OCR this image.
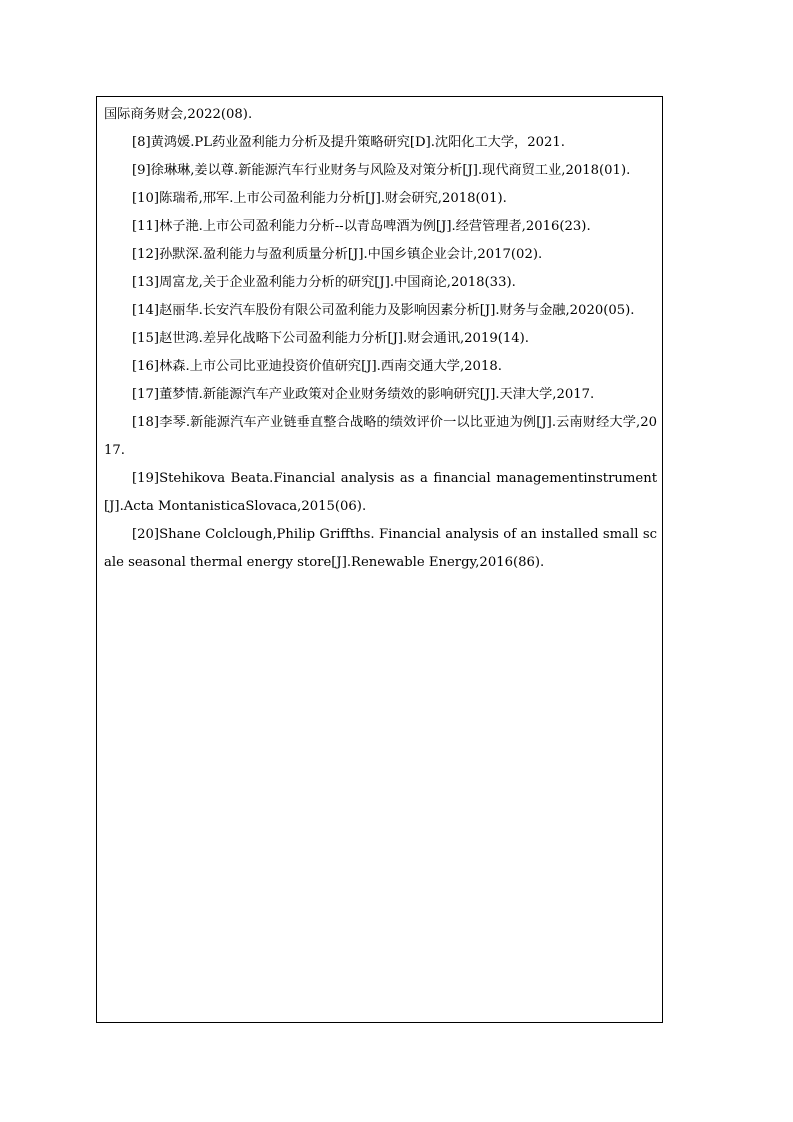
国际商务财会,2022(08).
[8]黄鸿媛.PL药业盈利能力分析及提升策略研究[D].沈阳化工大学，2021.
[9]徐琳琳,姜以尊.新能源汽车行业财务与风险及对策分析[J].现代商贸工业,2018(01).
[10]陈瑞希,邢军.上市公司盈利能力分析[J].财会研究,2018(01).
[11]林子滟.上市公司盈利能力分析--以青岛啤酒为例[J].经营管理者,2016(23).
[12]孙默深.盈利能力与盈利质量分析[J].中国乡镇企业会计,2017(02).
[13]周富龙,关于企业盈利能力分析的研究[J].中国商论,2018(33).
[14]赵丽华.长安汽车股份有限公司盈利能力及影响因素分析[J].财务与金融,2020(05).
[15]赵世鸿.差异化战略下公司盈利能力分析[J].财会通讯,2019(14).
[16]林森.上市公司比亚迪投资价值研究[J].西南交通大学,2018.
[17]董梦情.新能源汽车产业政策对企业财务绩效的影响研究[J].天津大学,2017.
[18]李琴.新能源汽车产业链垂直整合战略的绩效评价一以比亚迪为例[J].云南财经大学,2017.
[19]Stehikova Beata.Financial analysis as a financial managementinstrument[J].Acta MontanisticaSlovaca,2015(06).
[20]Shane Colclough,Philip Griffths. Financial analysis of an installed small scale seasonal thermal energy store[J].Renewable Energy,2016(86).
